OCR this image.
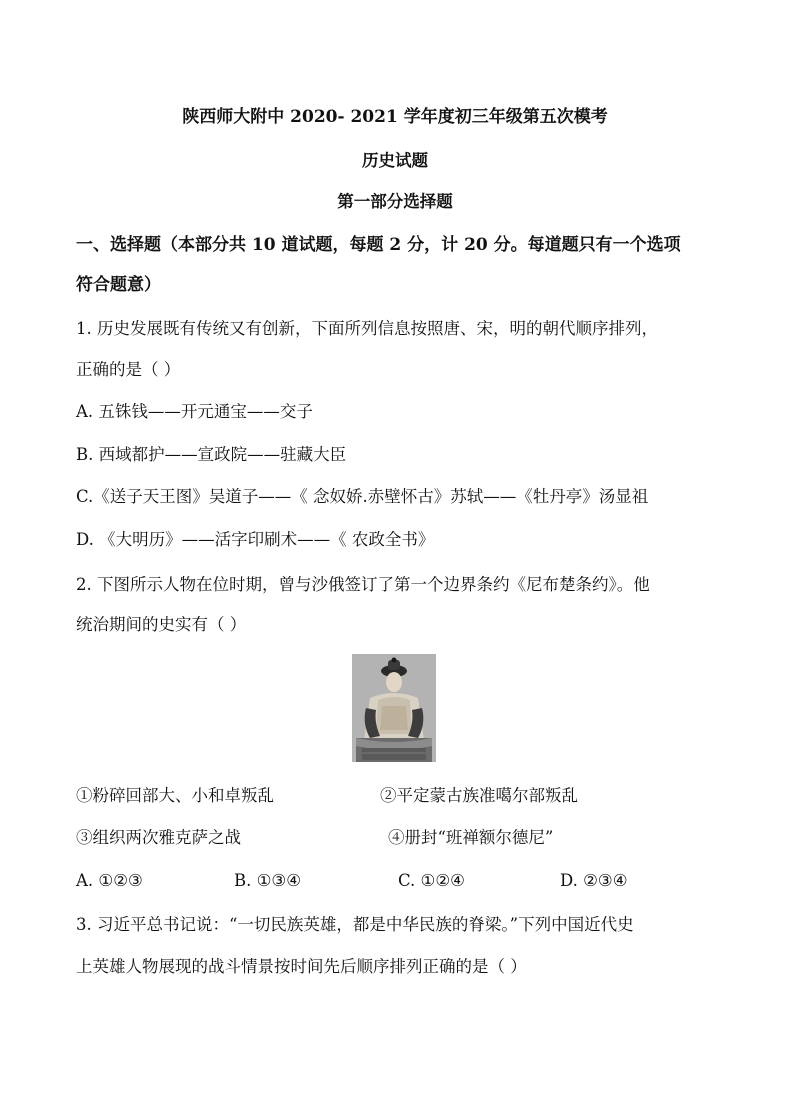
陕西师大附中 2020- 2021 学年度初三年级第五次模考
历史试题
第一部分选择题
一、选择题（本部分共 10 道试题，每题 2 分，计 20 分。每道题只有一个选项
符合题意）
1. 历史发展既有传统又有创新，下面所列信息按照唐、宋，明的朝代顺序排列，
正确的是（ ）
A. 五铢钱——开元通宝——交子
B. 西域都护——宣政院——驻藏大臣
C.《送子天王图》吴道子——《 念奴娇.赤壁怀古》苏轼——《牡丹亭》汤显祖
D. 《大明历》——活字印刷术——《 农政全书》
2. 下图所示人物在位时期，曾与沙俄签订了第一个边界条约《尼布楚条约》。他
统治期间的史实有（ ）
①粉碎回部大、小和卓叛乱	②平定蒙古族准噶尔部叛乱
③组织两次雅克萨之战	④册封“班禅额尔德尼”
A. ①②③	B. ①③④	C. ①②④	D. ②③④
3. 习近平总书记说：“一切民族英雄，都是中华民族的脊梁。”下列中国近代史
上英雄人物展现的战斗情景按时间先后顺序排列正确的是（ ）
